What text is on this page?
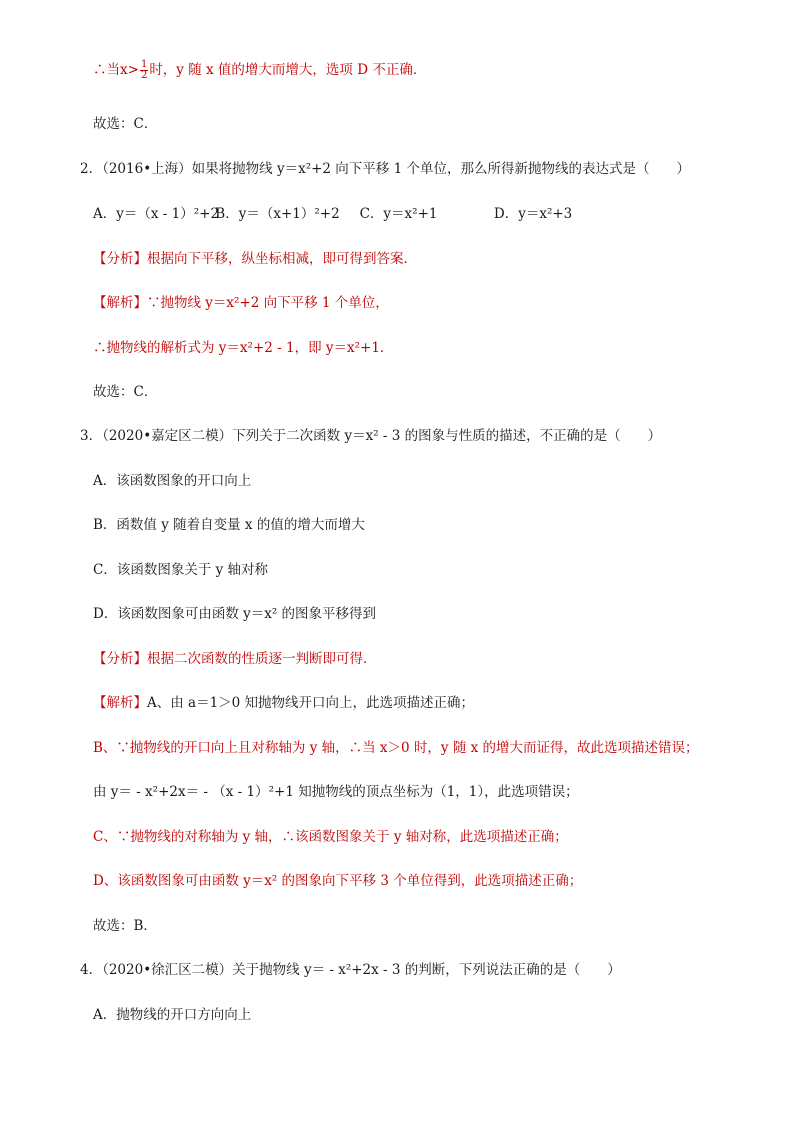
∴当$x> \frac{1}{2}$ 时，y 随 x 值的增大而增大，选项 D 不正确．
故选：C．
2．（2016•上海）如果将抛物线 y＝x²+2 向下平移 1 个单位，那么所得新抛物线的表达式是（　　）
A．y＝（x - 1）²+2 B．y＝（x+1）²+2 C．y＝x²+1	D．y＝x²+3
【分析】根据向下平移，纵坐标相减，即可得到答案．
【解析】∵抛物线 y＝x²+2 向下平移 1 个单位，
∴抛物线的解析式为 y＝x²+2 - 1，即 y＝x²+1．
故选：C．
3．（2020•嘉定区二模）下列关于二次函数 y＝x² - 3 的图象与性质的描述，不正确的是（　　）
A．该函数图象的开口向上
B．函数值 y 随着自变量 x 的值的增大而增大
C．该函数图象关于 y 轴对称
D．该函数图象可由函数 y＝x² 的图象平移得到
【分析】根据二次函数的性质逐一判断即可得．
【解析】A、由 a＝1＞0 知抛物线开口向上，此选项描述正确；
B、∵抛物线的开口向上且对称轴为 y 轴，∴当 x＞0 时，y 随 x 的增大而证得，故此选项描述错误；
由 y＝ - x²+2x＝ - （x - 1）²+1 知抛物线的顶点坐标为（1，1），此选项错误；
C、∵抛物线的对称轴为 y 轴，∴该函数图象关于 y 轴对称，此选项描述正确；
D、该函数图象可由函数 y＝x² 的图象向下平移 3 个单位得到，此选项描述正确；
故选：B．
4．（2020•徐汇区二模）关于抛物线 y＝ - x²+2x - 3 的判断，下列说法正确的是（　　）
A．抛物线的开口方向向上
